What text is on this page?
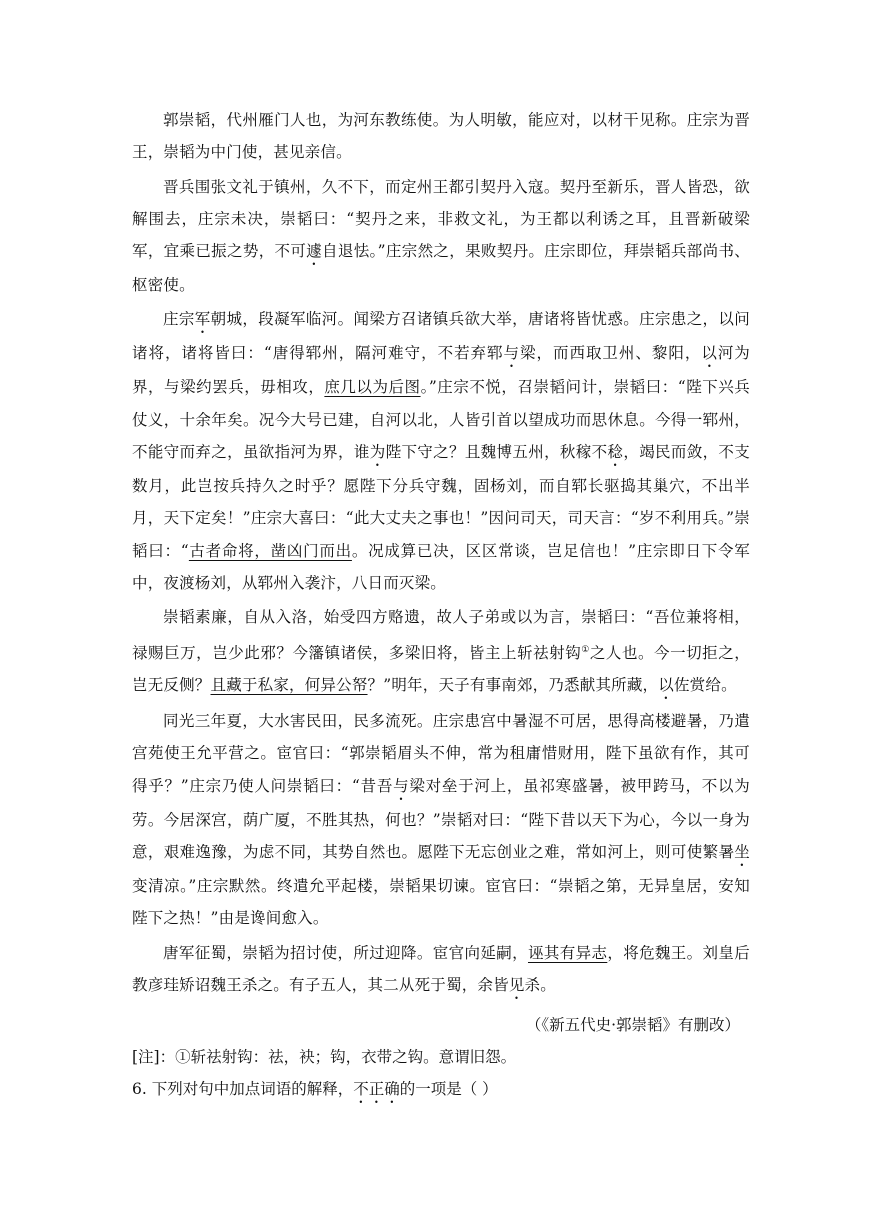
郭崇韬，代州雁门人也，为河东教练使。为人明敏，能应对，以材干见称。庄宗为晋王，崇韬为中门使，甚见亲信。

晋兵围张文礼于镇州，久不下，而定州王都引契丹入寇。契丹至新乐，晋人皆恐，欲解围去，庄宗未决，崇韬曰：“契丹之来，非救文礼，为王都以利诱之耳，且晋新破梁军，宜乘已振之势，不可遽自退怯。”庄宗然之，果败契丹。庄宗即位，拜崇韬兵部尚书、枢密使。

庄宗军朝城，段凝军临河。闻梁方召诸镇兵欲大举，唐诸将皆忧惑。庄宗患之，以问诸将，诸将皆曰：“唐得郓州，隔河难守，不若弃郓与梁，而西取卫州、黎阳，以河为界，与梁约罢兵，毋相攻，庶几以为后图。”庄宗不悦，召崇韬问计，崇韬曰：“陛下兴兵仗义，十余年矣。况今大号已建，自河以北，人皆引首以望成功而思休息。今得一郓州，不能守而弃之，虽欲指河为界，谁为陛下守之？且魏博五州，秋稼不稔，竭民而敛，不支数月，此岂按兵持久之时乎？愿陛下分兵守魏，固杨刘，而自郓长驱捣其巢穴，不出半月，天下定矣！”庄宗大喜曰：“此大丈夫之事也！”因问司天，司天言：“岁不利用兵。”崇韬曰：“古者命将，凿凶门而出。况成算已决，区区常谈，岂足信也！”庄宗即日下令军中，夜渡杨刘，从郓州入袭汴，八日而灭梁。

崇韬素廉，自从入洛，始受四方赂遗，故人子弟或以为言，崇韬曰：“吾位兼将相，禄赐巨万，岂少此邪？今籓镇诸侯，多梁旧将，皆主上斩祛射钩①之人也。今一切拒之，岂无反侧？且藏于私家，何异公帑？”明年，天子有事南郊，乃悉献其所藏，以佐赏给。

同光三年夏，大水害民田，民多流死。庄宗患宫中暑湿不可居，思得高楼避暑，乃遣宫苑使王允平营之。宦官曰：“郭崇韬眉头不伸，常为租庸惜财用，陛下虽欲有作，其可得乎？”庄宗乃使人问崇韬曰：“昔吾与梁对垒于河上，虽祁寒盛暑，被甲跨马，不以为劳。今居深宫，荫广厦，不胜其热，何也？”崇韬对曰：“陛下昔以天下为心，今以一身为意，艰难逸豫，为虑不同，其势自然也。愿陛下无忘创业之难，常如河上，则可使繁暑坐变清凉。”庄宗默然。终遣允平起楼，崇韬果切谏。宦官曰：“崇韬之第，无异皇居，安知陛下之热！”由是谗间愈入。

唐军征蜀，崇韬为招讨使，所过迎降。宦官向延嗣，诬其有异志，将危魏王。刘皇后教彦珪矫诏魏王杀之。有子五人，其二从死于蜀，余皆见杀。

（《新五代史·郭崇韬》有删改）

[注]：①斩祛射钩：祛，袂；钩，衣带之钩。意谓旧怨。

6. 下列对句中加点词语的解释，不正确的一项是（ ）
